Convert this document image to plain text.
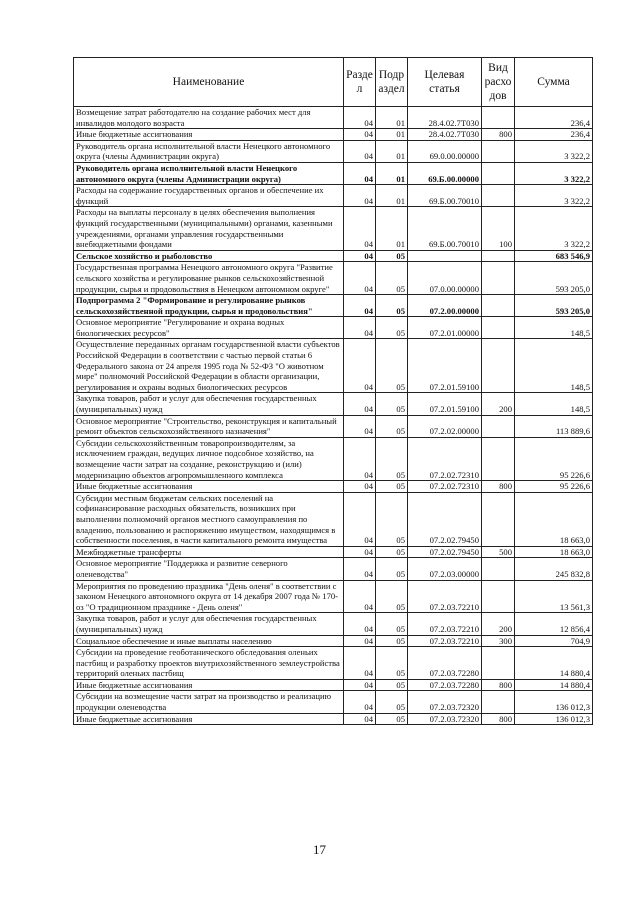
Наименование	Разде л	Подр аздел	Целевая статья	Вид расхо дов	Сумма
Возмещение затрат работодателю на создание рабочих мест для инвалидов молодого возраста	04	01	28.4.02.7Т030		236,4
Иные бюджетные ассигнования	04	01	28.4.02.7Т030	800	236,4
Руководитель органа исполнительной власти Ненецкого автономного округа (члены Администрации округа)	04	01	69.0.00.00000		3 322,2
Руководитель органа исполнительной власти Ненецкого автономного округа (члены Администрации округа)	04	01	69.Б.00.00000		3 322,2
Расходы на содержание государственных органов и обеспечение их функций	04	01	69.Б.00.70010		3 322,2
Расходы на выплаты персоналу в целях обеспечения выполнения функций государственными (муниципальными) органами, казенными учреждениями, органами управления государственными внебюджетными фондами	04	01	69.Б.00.70010	100	3 322,2
Сельское хозяйство и рыболовство	04	05			683 546,9
Государственная программа Ненецкого автономного округа "Развитие сельского хозяйства и регулирование рынков сельскохозяйственной продукции, сырья и продовольствия в Ненецком автономном округе"	04	05	07.0.00.00000		593 205,0
Подпрограмма 2 "Формирование и регулирование рынков сельскохозяйственной продукции, сырья и продовольствия"	04	05	07.2.00.00000		593 205,0
Основное мероприятие "Регулирование и охрана водных биологических ресурсов"	04	05	07.2.01.00000		148,5
Осуществление переданных органам государственной власти субъектов Российской Федерации в соответствии с частью первой статьи 6 Федерального закона от 24 апреля 1995 года № 52-ФЗ "О животном мире" полномочий Российской Федерации в области организации, регулирования и охраны водных биологических ресурсов	04	05	07.2.01.59100		148,5
Закупка товаров, работ и услуг для обеспечения государственных (муниципальных) нужд	04	05	07.2.01.59100	200	148,5
Основное мероприятие "Строительство, реконструкция и капитальный ремонт объектов сельскохозяйственного назначения"	04	05	07.2.02.00000		113 889,6
Субсидии сельскохозяйственным товаропроизводителям, за исключением граждан, ведущих личное подсобное хозяйство, на возмещение части затрат на создание, реконструкцию и (или) модернизацию объектов агропромышленного комплекса	04	05	07.2.02.72310		95 226,6
Иные бюджетные ассигнования	04	05	07.2.02.72310	800	95 226,6
Субсидии местным бюджетам сельских поселений на софинансирование расходных обязательств, возникших при выполнении полномочий органов местного самоуправления по владению, пользованию и распоряжению имуществом, находящимся в собственности поселения, в части капитального ремонта имущества	04	05	07.2.02.79450		18 663,0
Межбюджетные трансферты	04	05	07.2.02.79450	500	18 663,0
Основное мероприятие "Поддержка и развитие северного оленеводства"	04	05	07.2.03.00000		245 832,8
Мероприятия по проведению праздника "День оленя" в соответствии с законом Ненецкого автономного округа от 14 декабря 2007 года № 170-оз "О традиционном празднике - День оленя"	04	05	07.2.03.72210		13 561,3
Закупка товаров, работ и услуг для обеспечения государственных (муниципальных) нужд	04	05	07.2.03.72210	200	12 856,4
Социальное обеспечение и иные выплаты населению	04	05	07.2.03.72210	300	704,9
Субсидии на проведение геоботанического обследования оленьих пастбищ и разработку проектов внутрихозяйственного землеустройства территорий оленьих пастбищ	04	05	07.2.03.72280		14 880,4
Иные бюджетные ассигнования	04	05	07.2.03.72280	800	14 880,4
Субсидии на возмещение части затрат на производство и реализацию продукции оленеводства	04	05	07.2.03.72320		136 012,3
Иные бюджетные ассигнования	04	05	07.2.03.72320	800	136 012,3
17
